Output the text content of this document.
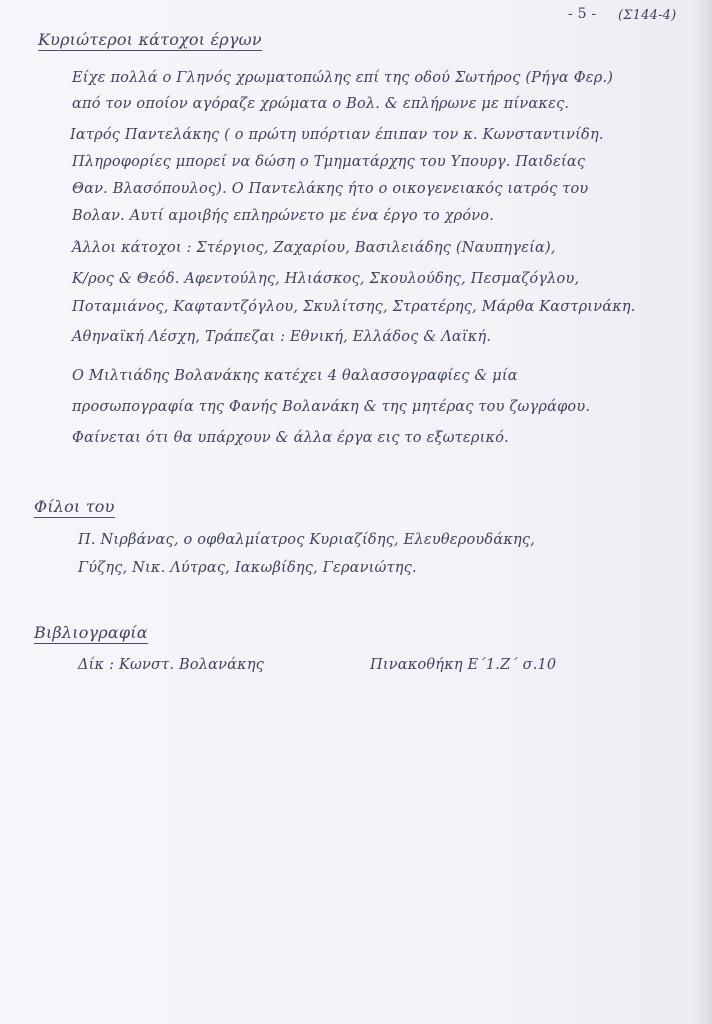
- 5 - (Σ144-4)
Κυριώτεροι κάτοχοι έργων
Είχε πολλά ο Γληνός χρωματοπώλης επί της οδού Σωτήρος (Ρήγα Φερ.)
από τον οποίον αγόραζε χρώματα ο Βολ. & επλήρωνε με πίνακες.
Ιατρός Παντελάκης ( ο πρώτη υπόρτιαν έπιπαν τον κ. Κωνσταντινίδη.
Πληροφορίες μπορεί να δώση ο Τμηματάρχης του Υπουργ. Παιδείας
Θαν. Βλασόπουλος). Ο Παντελάκης ήτο ο οικογενειακός ιατρός του
Βολαν. Αυτί αμοιβής επληρώνετο με ένα έργο το χρόνο.
Άλλοι κάτοχοι : Στέργιος, Ζαχαρίου, Βασιλειάδης (Ναυπηγεία),
Κ/ρος & Θεόδ. Αφεντούλης, Ηλιάσκος, Σκουλούδης, Πεσμαζόγλου,
Ποταμιάνος, Καφταντζόγλου, Σκυλίτσης, Στρατέρης, Μάρθα Καστρινάκη.
Αθηναϊκή Λέσχη, Τράπεζαι : Εθνική, Ελλάδος & Λαϊκή.
Ο Μιλτιάδης Βολανάκης κατέχει 4 θαλασσογραφίες & μία
προσωπογραφία της Φανής Βολανάκη & της μητέρας του ζωγράφου.
Φαίνεται ότι θα υπάρχουν & άλλα έργα εις το εξωτερικό.
Φίλοι του
Π. Νιρβάνας, ο οφθαλμίατρος Κυριαζίδης, Ελευθερουδάκης,
Γύζης, Νικ. Λύτρας, Ιακωβίδης, Γερανιώτης.
Βιβλιογραφία
Δίκ : Κωνστ. Βολανάκης	Πινακοθήκη Ε΄1.Ζ΄ σ.10
